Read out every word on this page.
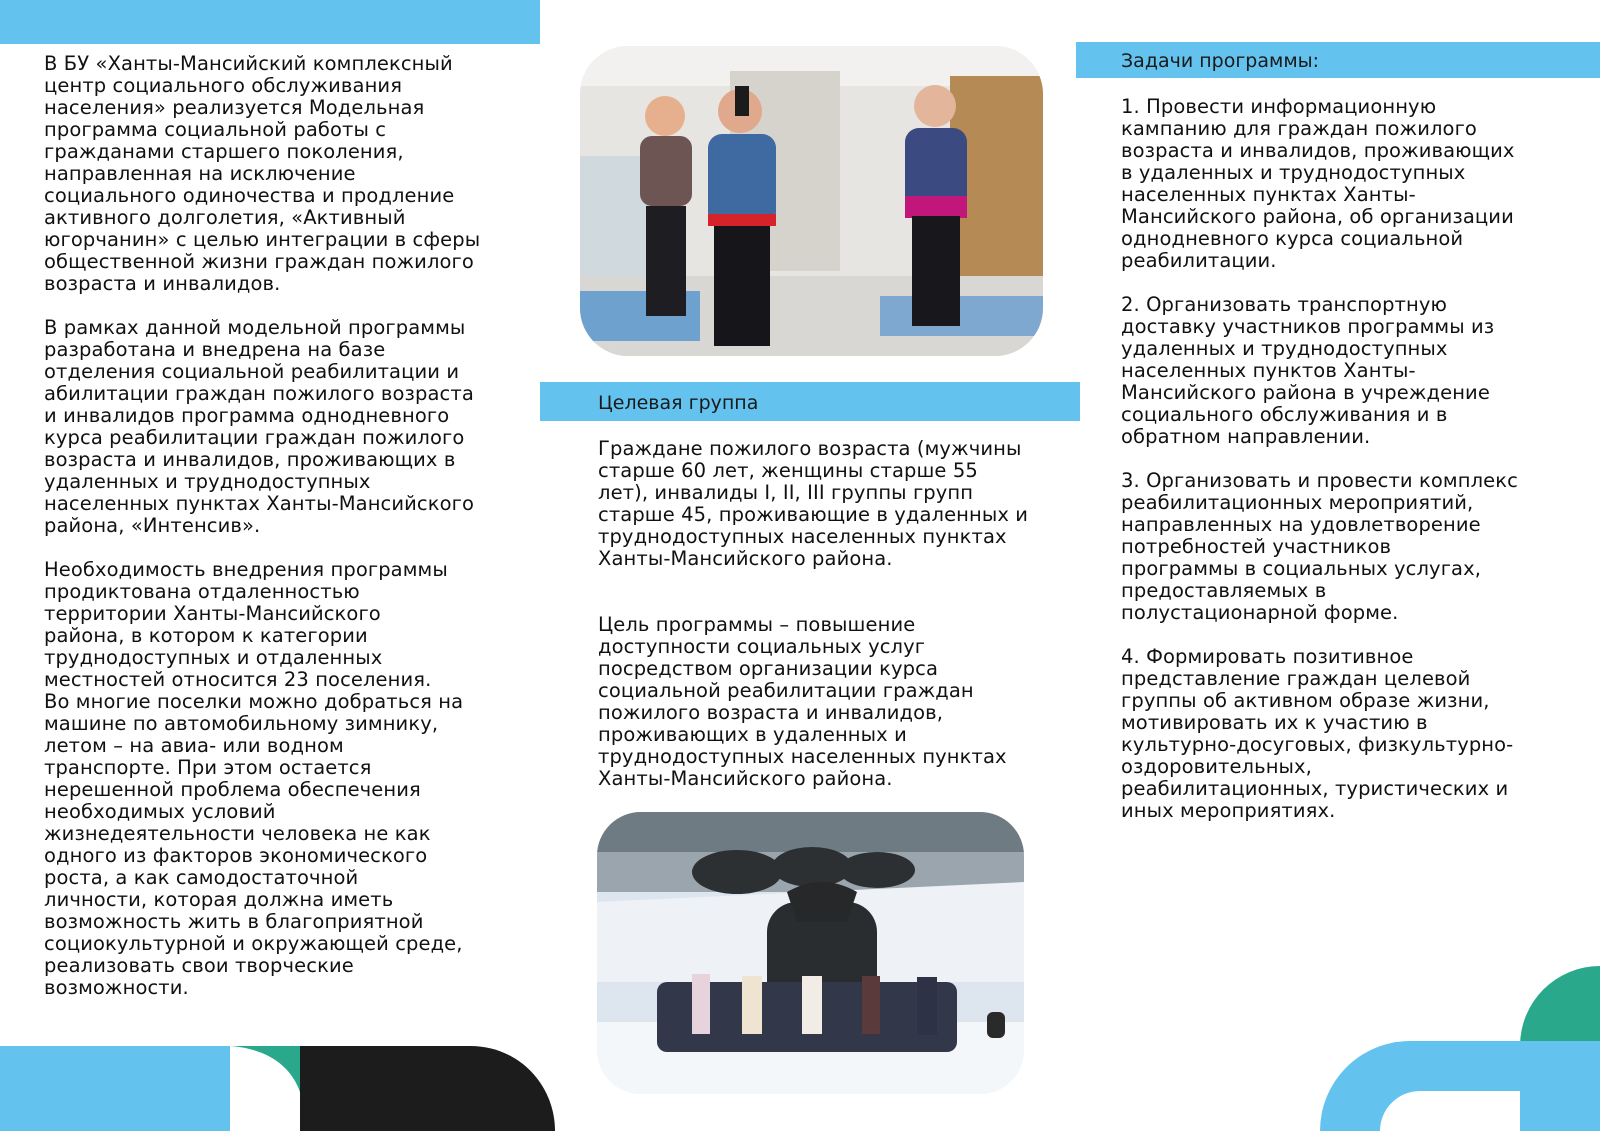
В БУ «Ханты-Мансийский комплексный
центр социального обслуживания
населения» реализуется Модельная
программа социальной работы с
гражданами старшего поколения,
направленная на исключение
социального одиночества и продление
активного долголетия, «Активный
югорчанин» с целью интеграции в сферы
общественной жизни граждан пожилого
возраста и инвалидов.

В рамках данной модельной программы
разработана и внедрена на базе
отделения социальной реабилитации и
абилитации граждан пожилого возраста
и инвалидов программа однодневного
курса реабилитации граждан пожилого
возраста и инвалидов, проживающих в
удаленных и труднодоступных
населенных пунктах Ханты-Мансийского
района, «Интенсив».

Необходимость внедрения программы
продиктована отдаленностью
территории Ханты-Мансийского
района, в котором к категории
труднодоступных и отдаленных
местностей относится 23 поселения.
Во многие поселки можно добраться на
машине по автомобильному зимнику,
летом – на авиа- или водном
транспорте. При этом остается
нерешенной проблема обеспечения
необходимых условий
жизнедеятельности человека не как
одного из факторов экономического
роста, а как самодостаточной
личности, которая должна иметь
возможность жить в благоприятной
социокультурной и окружающей среде,
реализовать свои творческие
возможности.

Целевая группа

Граждане пожилого возраста (мужчины
старше 60 лет, женщины старше 55
лет), инвалиды I, II, III группы групп
старше 45, проживающие в удаленных и
труднодоступных населенных пунктах
Ханты-Мансийского района.

Цель программы – повышение
доступности социальных услуг
посредством организации курса
социальной реабилитации граждан
пожилого возраста и инвалидов,
проживающих в удаленных и
труднодоступных населенных пунктах
Ханты-Мансийского района.

Задачи программы:

1. Провести информационную
кампанию для граждан пожилого
возраста и инвалидов, проживающих
в удаленных и труднодоступных
населенных пунктах Ханты-
Мансийского района, об организации
однодневного курса социальной
реабилитации.

2. Организовать транспортную
доставку участников программы из
удаленных и труднодоступных
населенных пунктов Ханты-
Мансийского района в учреждение
социального обслуживания и в
обратном направлении.

3. Организовать и провести комплекс
реабилитационных мероприятий,
направленных на удовлетворение
потребностей участников
программы в социальных услугах,
предоставляемых в
полустационарной форме.

4. Формировать позитивное
представление граждан целевой
группы об активном образе жизни,
мотивировать их к участию в
культурно-досуговых, физкультурно-
оздоровительных,
реабилитационных, туристических и
иных мероприятиях.
